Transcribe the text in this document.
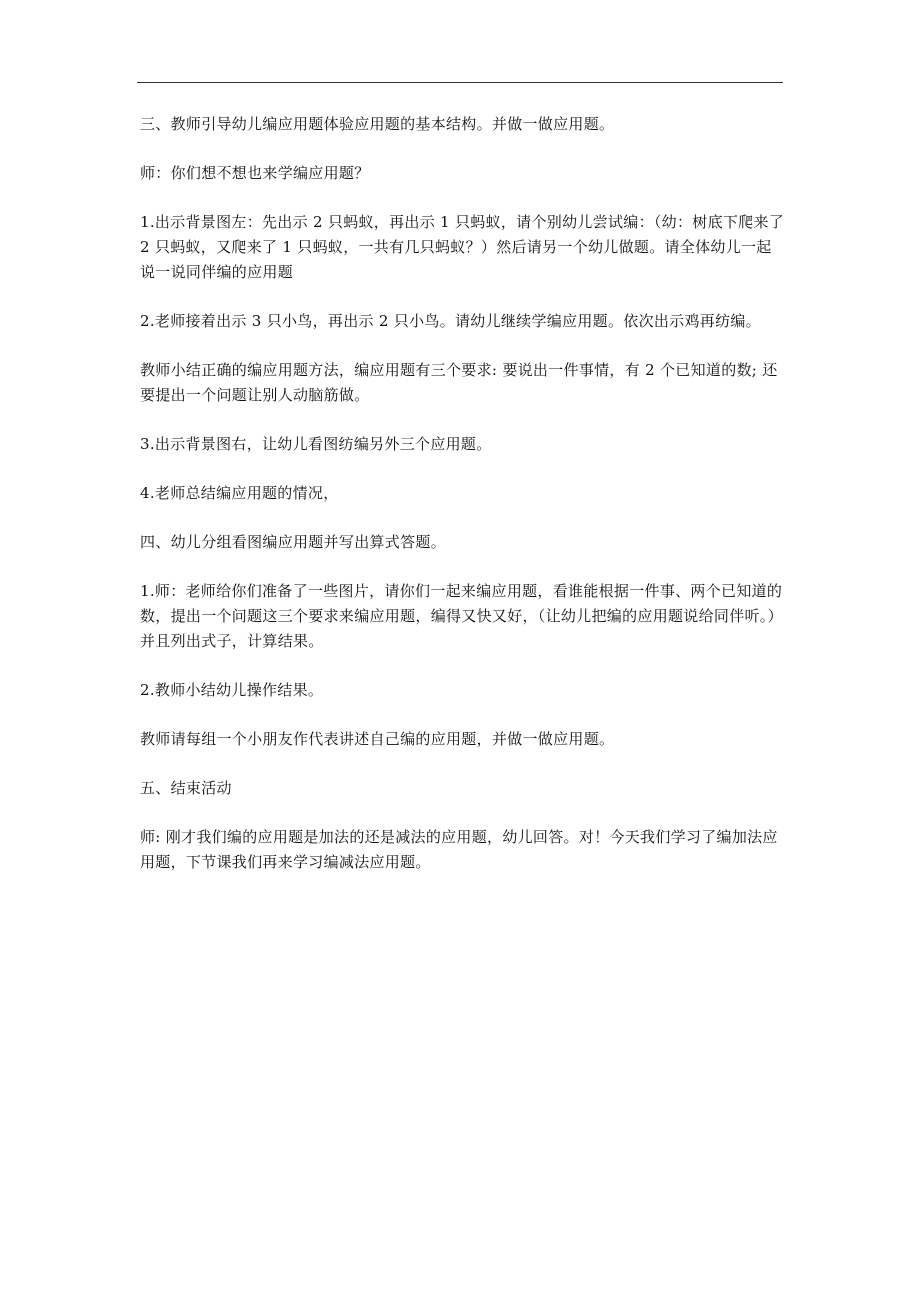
三、教师引导幼儿编应用题体验应用题的基本结构。并做一做应用题。

师：你们想不想也来学编应用题？

1.出示背景图左：先出示 2 只蚂蚁，再出示 1 只蚂蚁，请个别幼儿尝试编：（幼：树底下爬来了 2 只蚂蚁，又爬来了 1 只蚂蚁，一共有几只蚂蚁？）然后请另一个幼儿做题。请全体幼儿一起说一说同伴编的应用题

2.老师接着出示 3 只小鸟，再出示 2 只小鸟。请幼儿继续学编应用题。依次出示鸡再纺编。

教师小结正确的编应用题方法，编应用题有三个要求: 要说出一件事情，有 2 个已知道的数; 还要提出一个问题让别人动脑筋做。

3.出示背景图右，让幼儿看图纺编另外三个应用题。

4.老师总结编应用题的情况，

四、幼儿分组看图编应用题并写出算式答题。

1.师：老师给你们准备了一些图片，请你们一起来编应用题，看谁能根据一件事、两个已知道的数，提出一个问题这三个要求来编应用题，编得又快又好，（让幼儿把编的应用题说给同伴听。）并且列出式子，计算结果。

2.教师小结幼儿操作结果。

教师请每组一个小朋友作代表讲述自己编的应用题，并做一做应用题。

五、结束活动

师: 刚才我们编的应用题是加法的还是减法的应用题，幼儿回答。对！今天我们学习了编加法应用题，下节课我们再来学习编减法应用题。
